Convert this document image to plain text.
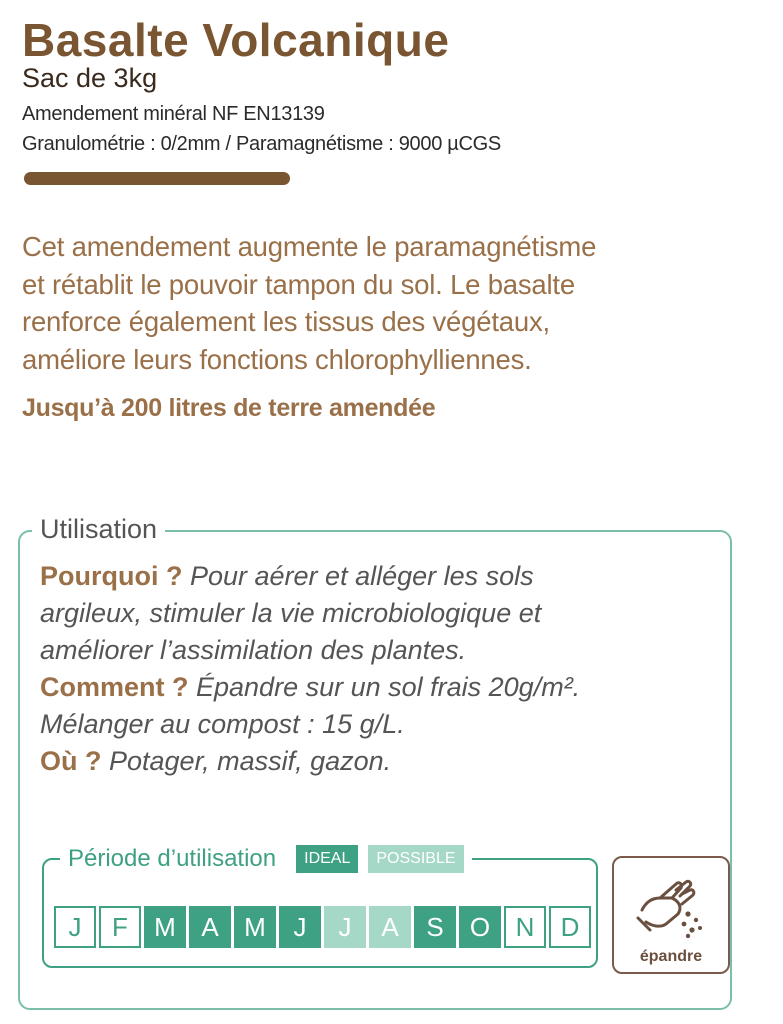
Basalte Volcanique
Sac de 3kg
Amendement minéral NF EN13139
Granulométrie : 0/2mm / Paramagnétisme : 9000 µCGS
Cet amendement augmente le paramagnétisme
et rétablit le pouvoir tampon du sol. Le basalte
renforce également les tissus des végétaux,
améliore leurs fonctions chlorophylliennes.
Jusqu’à 200 litres de terre amendée
Utilisation
Pourquoi ? Pour aérer et alléger les sols
argileux, stimuler la vie microbiologique et
améliorer l’assimilation des plantes.
Comment ? Épandre sur un sol frais 20g/m².
Mélanger au compost : 15 g/L.
Où ? Potager, massif, gazon.
Période d’utilisation	IDEAL	POSSIBLE
J	F	M A M	J	J	A	S	O N	D
épandre
